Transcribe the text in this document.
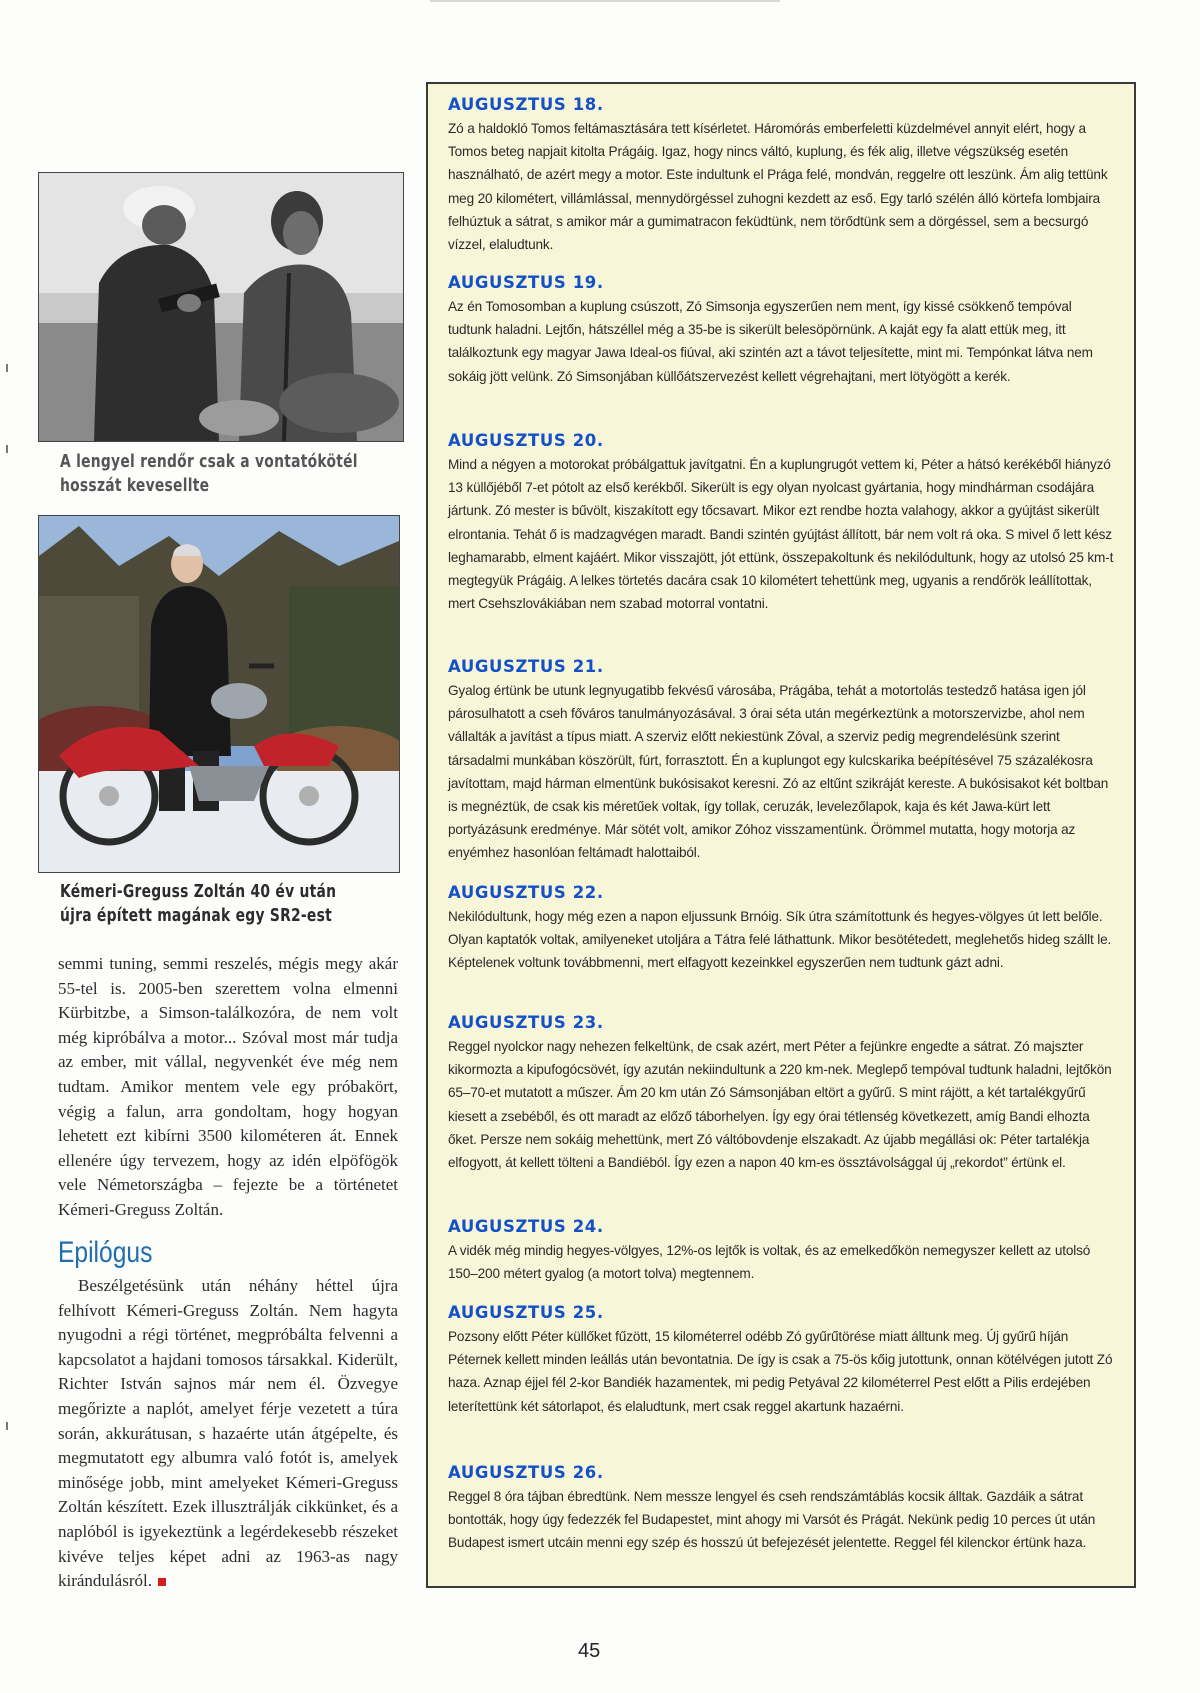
A lengyel rendőr csak a vontatókötél
hosszát kevesellte
Kémeri-Greguss Zoltán 40 év után
újra épített magának egy SR2-est

semmi tuning, semmi reszelés, mégis megy akár 55-tel is. 2005-ben szerettem volna elmenni Kürbitzbe, a Simson-találkozóra, de nem volt még kipróbálva a motor... Szóval most már tudja az ember, mit vállal, negyvenkét éve még nem tudtam. Amikor mentem vele egy próbakört, végig a falun, arra gondoltam, hogy hogyan lehetett ezt kibírni 3500 kilométeren át. Ennek ellenére úgy tervezem, hogy az idén elpöfögök vele Németországba – fejezte be a történetet Kémeri-Greguss Zoltán.

Epilógus

Beszélgetésünk után néhány héttel újra felhívott Kémeri-Greguss Zoltán. Nem hagyta nyugodni a régi történet, megpróbálta felvenni a kapcsolatot a hajdani tomosos társakkal. Kiderült, Richter István sajnos már nem él. Özvegye megőrizte a naplót, amelyet férje vezetett a túra során, akkurátusan, s hazaérte után átgépelte, és megmutatott egy albumra való fotót is, amelyek minősége jobb, mint amelyeket Kémeri-Greguss Zoltán készített. Ezek illusztrálják cikkünket, és a naplóból is igyekeztünk a legérdekesebb részeket kivéve teljes képet adni az 1963-as nagy kirándulásról.

AUGUSZTUS 18.

Zó a haldokló Tomos feltámasztására tett kísérletet. Háromórás emberfeletti küzdelmével annyit elért, hogy a Tomos beteg napjait kitolta Prágáig. Igaz, hogy nincs váltó, kuplung, és fék alig, illetve végszükség esetén használható, de azért megy a motor. Este indultunk el Prága felé, mondván, reggelre ott leszünk. Ám alig tettünk meg 20 kilométert, villámlással, mennydörgéssel zuhogni kezdett az eső. Egy tarló szélén álló körtefa lombjaira felhúztuk a sátrat, s amikor már a gumimatracon feküdtünk, nem törődtünk sem a dörgéssel, sem a becsurgó vízzel, elaludtunk.

AUGUSZTUS 19.

Az én Tomosomban a kuplung csúszott, Zó Simsonja egyszerűen nem ment, így kissé csökkenő tempóval tudtunk haladni. Lejtőn, hátszéllel még a 35-be is sikerült belesöpörnünk. A kaját egy fa alatt ettük meg, itt találkoztunk egy magyar Jawa Ideal-os fiúval, aki szintén azt a távot teljesítette, mint mi. Tempónkat látva nem sokáig jött velünk. Zó Simsonjában küllőátszervezést kellett végrehajtani, mert lötyögött a kerék.

AUGUSZTUS 20.

Mind a négyen a motorokat próbálgattuk javítgatni. Én a kuplungrugót vettem ki, Péter a hátsó kerékéből hiányzó 13 küllőjéből 7-et pótolt az első kerékből. Sikerült is egy olyan nyolcast gyártania, hogy mindhárman csodájára jártunk. Zó mester is bűvölt, kiszakított egy tőcsavart. Mikor ezt rendbe hozta valahogy, akkor a gyújtást sikerült elrontania. Tehát ő is madzagvégen maradt. Bandi szintén gyújtást állított, bár nem volt rá oka. S mivel ő lett kész leghamarabb, elment kajáért. Mikor visszajött, jót ettünk, összepakoltunk és nekilódultunk, hogy az utolsó 25 km-t megtegyük Prágáig. A lelkes törtetés dacára csak 10 kilométert tehettünk meg, ugyanis a rendőrök leállítottak, mert Csehszlovákiában nem szabad motorral vontatni.

AUGUSZTUS 21.

Gyalog értünk be utunk legnyugatibb fekvésű városába, Prágába, tehát a motortolás testedző hatása igen jól párosulhatott a cseh főváros tanulmányozásával. 3 órai séta után megérkeztünk a motorszervizbe, ahol nem vállalták a javítást a típus miatt. A szerviz előtt nekiestünk Zóval, a szerviz pedig megrendelésünk szerint társadalmi munkában köszörült, fúrt, forrasztott. Én a kuplungot egy kulcskarika beépítésével 75 százalékosra javítottam, majd hárman elmentünk bukósisakot keresni. Zó az eltűnt szikráját kereste. A bukósisakot két boltban is megnéztük, de csak kis méretűek voltak, így tollak, ceruzák, levelezőlapok, kaja és két Jawa-kürt lett portyázásunk eredménye. Már sötét volt, amikor Zóhoz visszamentünk. Örömmel mutatta, hogy motorja az enyémhez hasonlóan feltámadt halottaiból.

AUGUSZTUS 22.

Nekilódultunk, hogy még ezen a napon eljussunk Brnóig. Sík útra számítottunk és hegyes-völgyes út lett belőle. Olyan kaptatók voltak, amilyeneket utoljára a Tátra felé láthattunk. Mikor besötétedett, meglehetős hideg szállt le. Képtelenek voltunk továbbmenni, mert elfagyott kezeinkkel egyszerűen nem tudtunk gázt adni.

AUGUSZTUS 23.

Reggel nyolckor nagy nehezen felkeltünk, de csak azért, mert Péter a fejünkre engedte a sátrat. Zó majszter kikormozta a kipufogócsövét, így azután nekiindultunk a 220 km-nek. Meglepő tempóval tudtunk haladni, lejtőkön 65–70-et mutatott a műszer. Ám 20 km után Zó Sámsonjában eltört a gyűrű. S mint rájött, a két tartalékgyűrű kiesett a zsebéből, és ott maradt az előző táborhelyen. Így egy órai tétlenség következett, amíg Bandi elhozta őket. Persze nem sokáig mehettünk, mert Zó váltóbovdenje elszakadt. Az újabb megállási ok: Péter tartalékja elfogyott, át kellett tölteni a Bandiéból. Így ezen a napon 40 km-es össztávolsággal új „rekordot” értünk el.

AUGUSZTUS 24.

A vidék még mindig hegyes-völgyes, 12%-os lejtők is voltak, és az emelkedőkön nemegyszer kellett az utolsó 150–200 métert gyalog (a motort tolva) megtennem.

AUGUSZTUS 25.

Pozsony előtt Péter küllőket fűzött, 15 kilométerrel odébb Zó gyűrűtörése miatt álltunk meg. Új gyűrű híján Péternek kellett minden leállás után bevontatnia. De így is csak a 75-ös kőig jutottunk, onnan kötélvégen jutott Zó haza. Aznap éjjel fél 2-kor Bandiék hazamentek, mi pedig Petyával 22 kilométerrel Pest előtt a Pilis erdejében leterítettünk két sátorlapot, és elaludtunk, mert csak reggel akartunk hazaérni.

AUGUSZTUS 26.

Reggel 8 óra tájban ébredtünk. Nem messze lengyel és cseh rendszámtáblás kocsik álltak. Gazdáik a sátrat bontották, hogy úgy fedezzék fel Budapestet, mint ahogy mi Varsót és Prágát. Nekünk pedig 10 perces út után Budapest ismert utcáin menni egy szép és hosszú út befejezését jelentette. Reggel fél kilenckor értünk haza.

45
